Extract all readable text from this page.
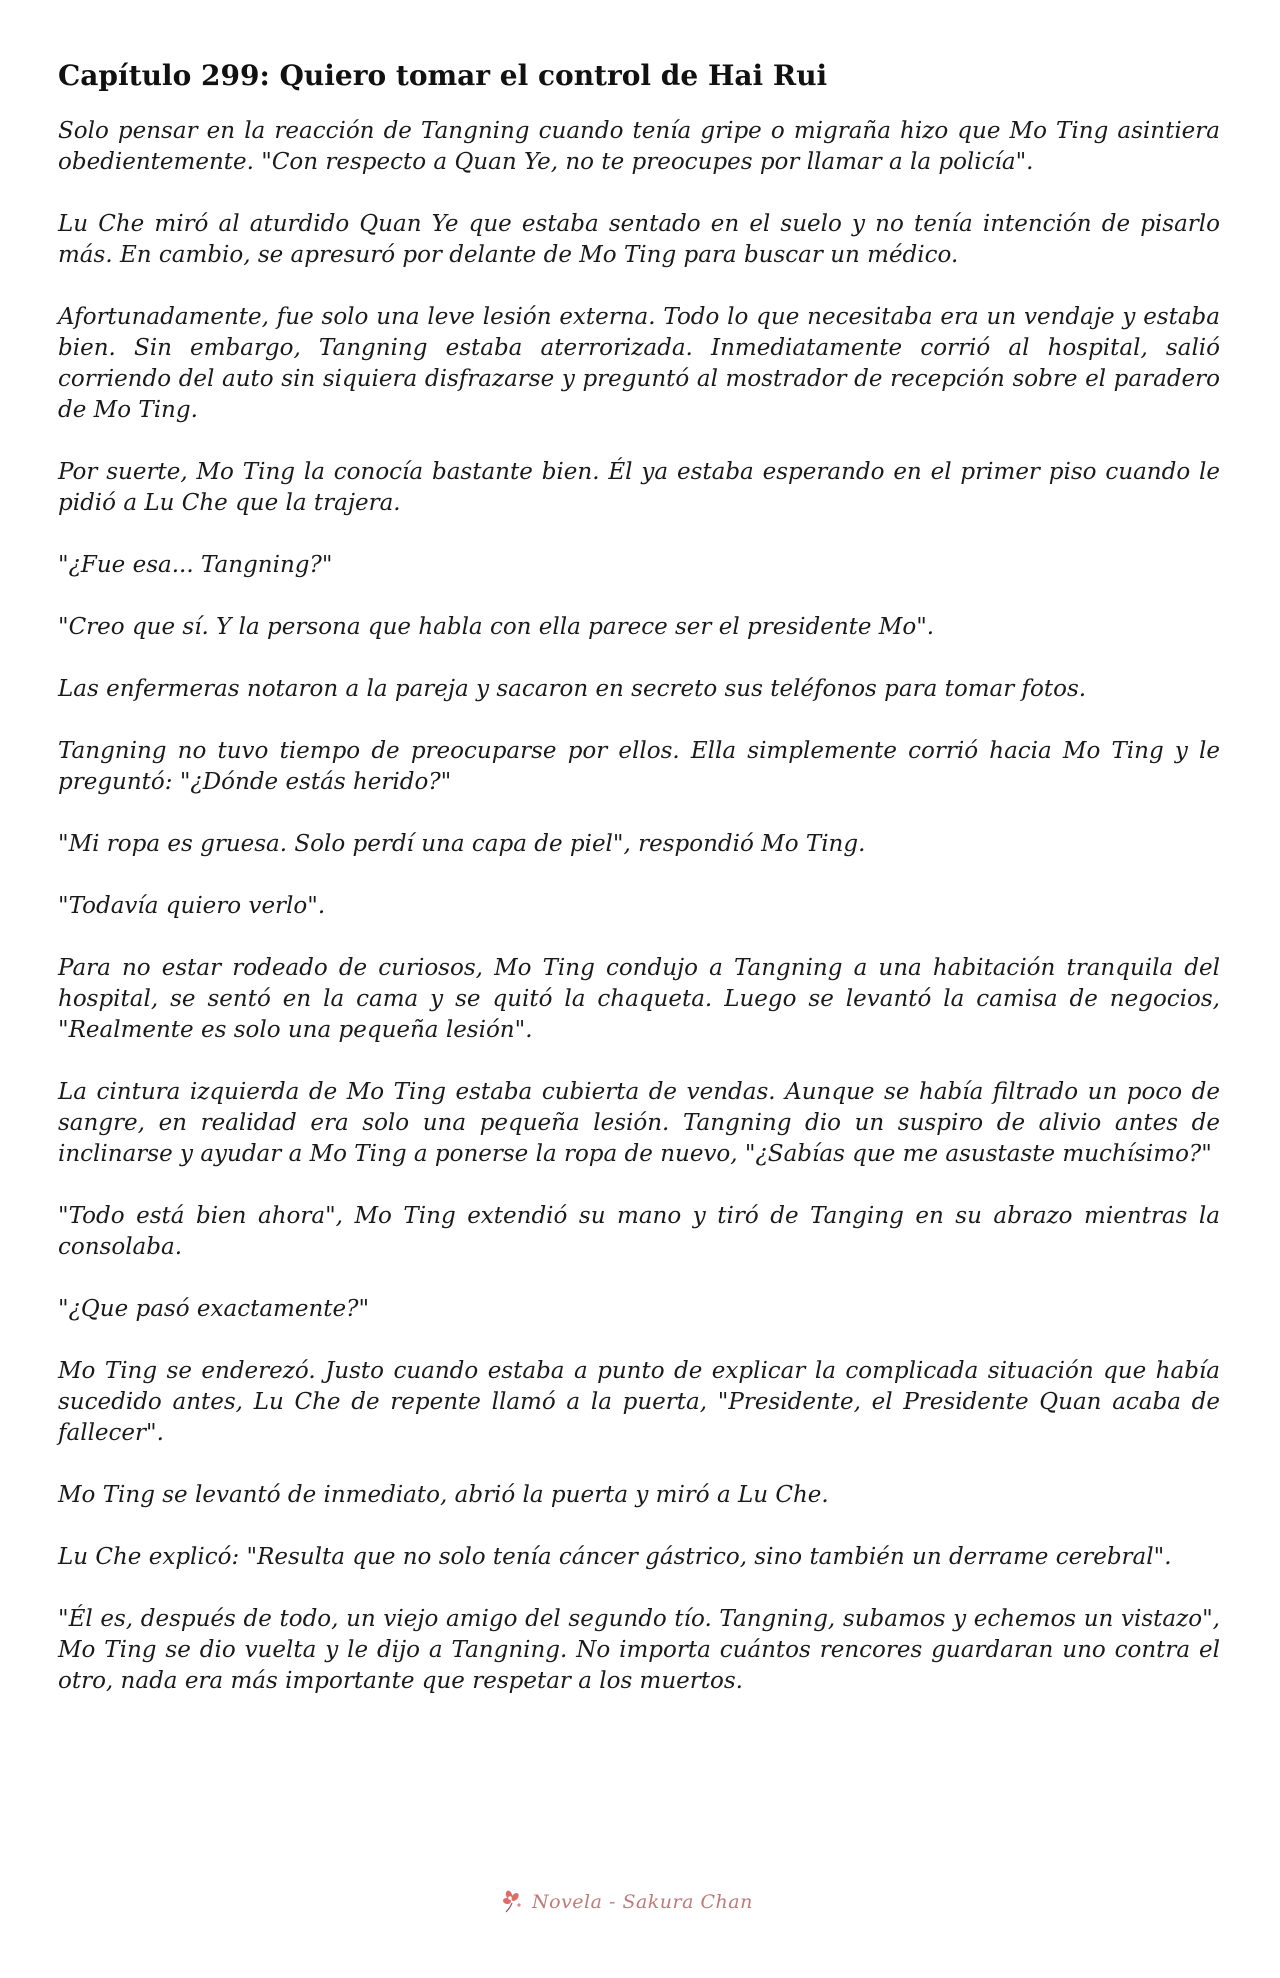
Capítulo 299: Quiero tomar el control de Hai Rui

Solo pensar en la reacción de Tangning cuando tenía gripe o migraña hizo que Mo Ting asintiera obedientemente. "Con respecto a Quan Ye, no te preocupes por llamar a la policía".

Lu Che miró al aturdido Quan Ye que estaba sentado en el suelo y no tenía intención de pisarlo más. En cambio, se apresuró por delante de Mo Ting para buscar un médico.

Afortunadamente, fue solo una leve lesión externa. Todo lo que necesitaba era un vendaje y estaba bien. Sin embargo, Tangning estaba aterrorizada. Inmediatamente corrió al hospital, salió corriendo del auto sin siquiera disfrazarse y preguntó al mostrador de recepción sobre el paradero de Mo Ting.

Por suerte, Mo Ting la conocía bastante bien. Él ya estaba esperando en el primer piso cuando le pidió a Lu Che que la trajera.

"¿Fue esa... Tangning?"

"Creo que sí. Y la persona que habla con ella parece ser el presidente Mo".

Las enfermeras notaron a la pareja y sacaron en secreto sus teléfonos para tomar fotos.

Tangning no tuvo tiempo de preocuparse por ellos. Ella simplemente corrió hacia Mo Ting y le preguntó: "¿Dónde estás herido?"

"Mi ropa es gruesa. Solo perdí una capa de piel", respondió Mo Ting.

"Todavía quiero verlo".

Para no estar rodeado de curiosos, Mo Ting condujo a Tangning a una habitación tranquila del hospital, se sentó en la cama y se quitó la chaqueta. Luego se levantó la camisa de negocios, "Realmente es solo una pequeña lesión".

La cintura izquierda de Mo Ting estaba cubierta de vendas. Aunque se había filtrado un poco de sangre, en realidad era solo una pequeña lesión. Tangning dio un suspiro de alivio antes de inclinarse y ayudar a Mo Ting a ponerse la ropa de nuevo, "¿Sabías que me asustaste muchísimo?"

"Todo está bien ahora", Mo Ting extendió su mano y tiró de Tanging en su abrazo mientras la consolaba.

"¿Que pasó exactamente?"

Mo Ting se enderezó. Justo cuando estaba a punto de explicar la complicada situación que había sucedido antes, Lu Che de repente llamó a la puerta, "Presidente, el Presidente Quan acaba de fallecer".

Mo Ting se levantó de inmediato, abrió la puerta y miró a Lu Che.

Lu Che explicó: "Resulta que no solo tenía cáncer gástrico, sino también un derrame cerebral".

"Él es, después de todo, un viejo amigo del segundo tío. Tangning, subamos y echemos un vistazo", Mo Ting se dio vuelta y le dijo a Tangning. No importa cuántos rencores guardaran uno contra el otro, nada era más importante que respetar a los muertos.

Novela - Sakura Chan
